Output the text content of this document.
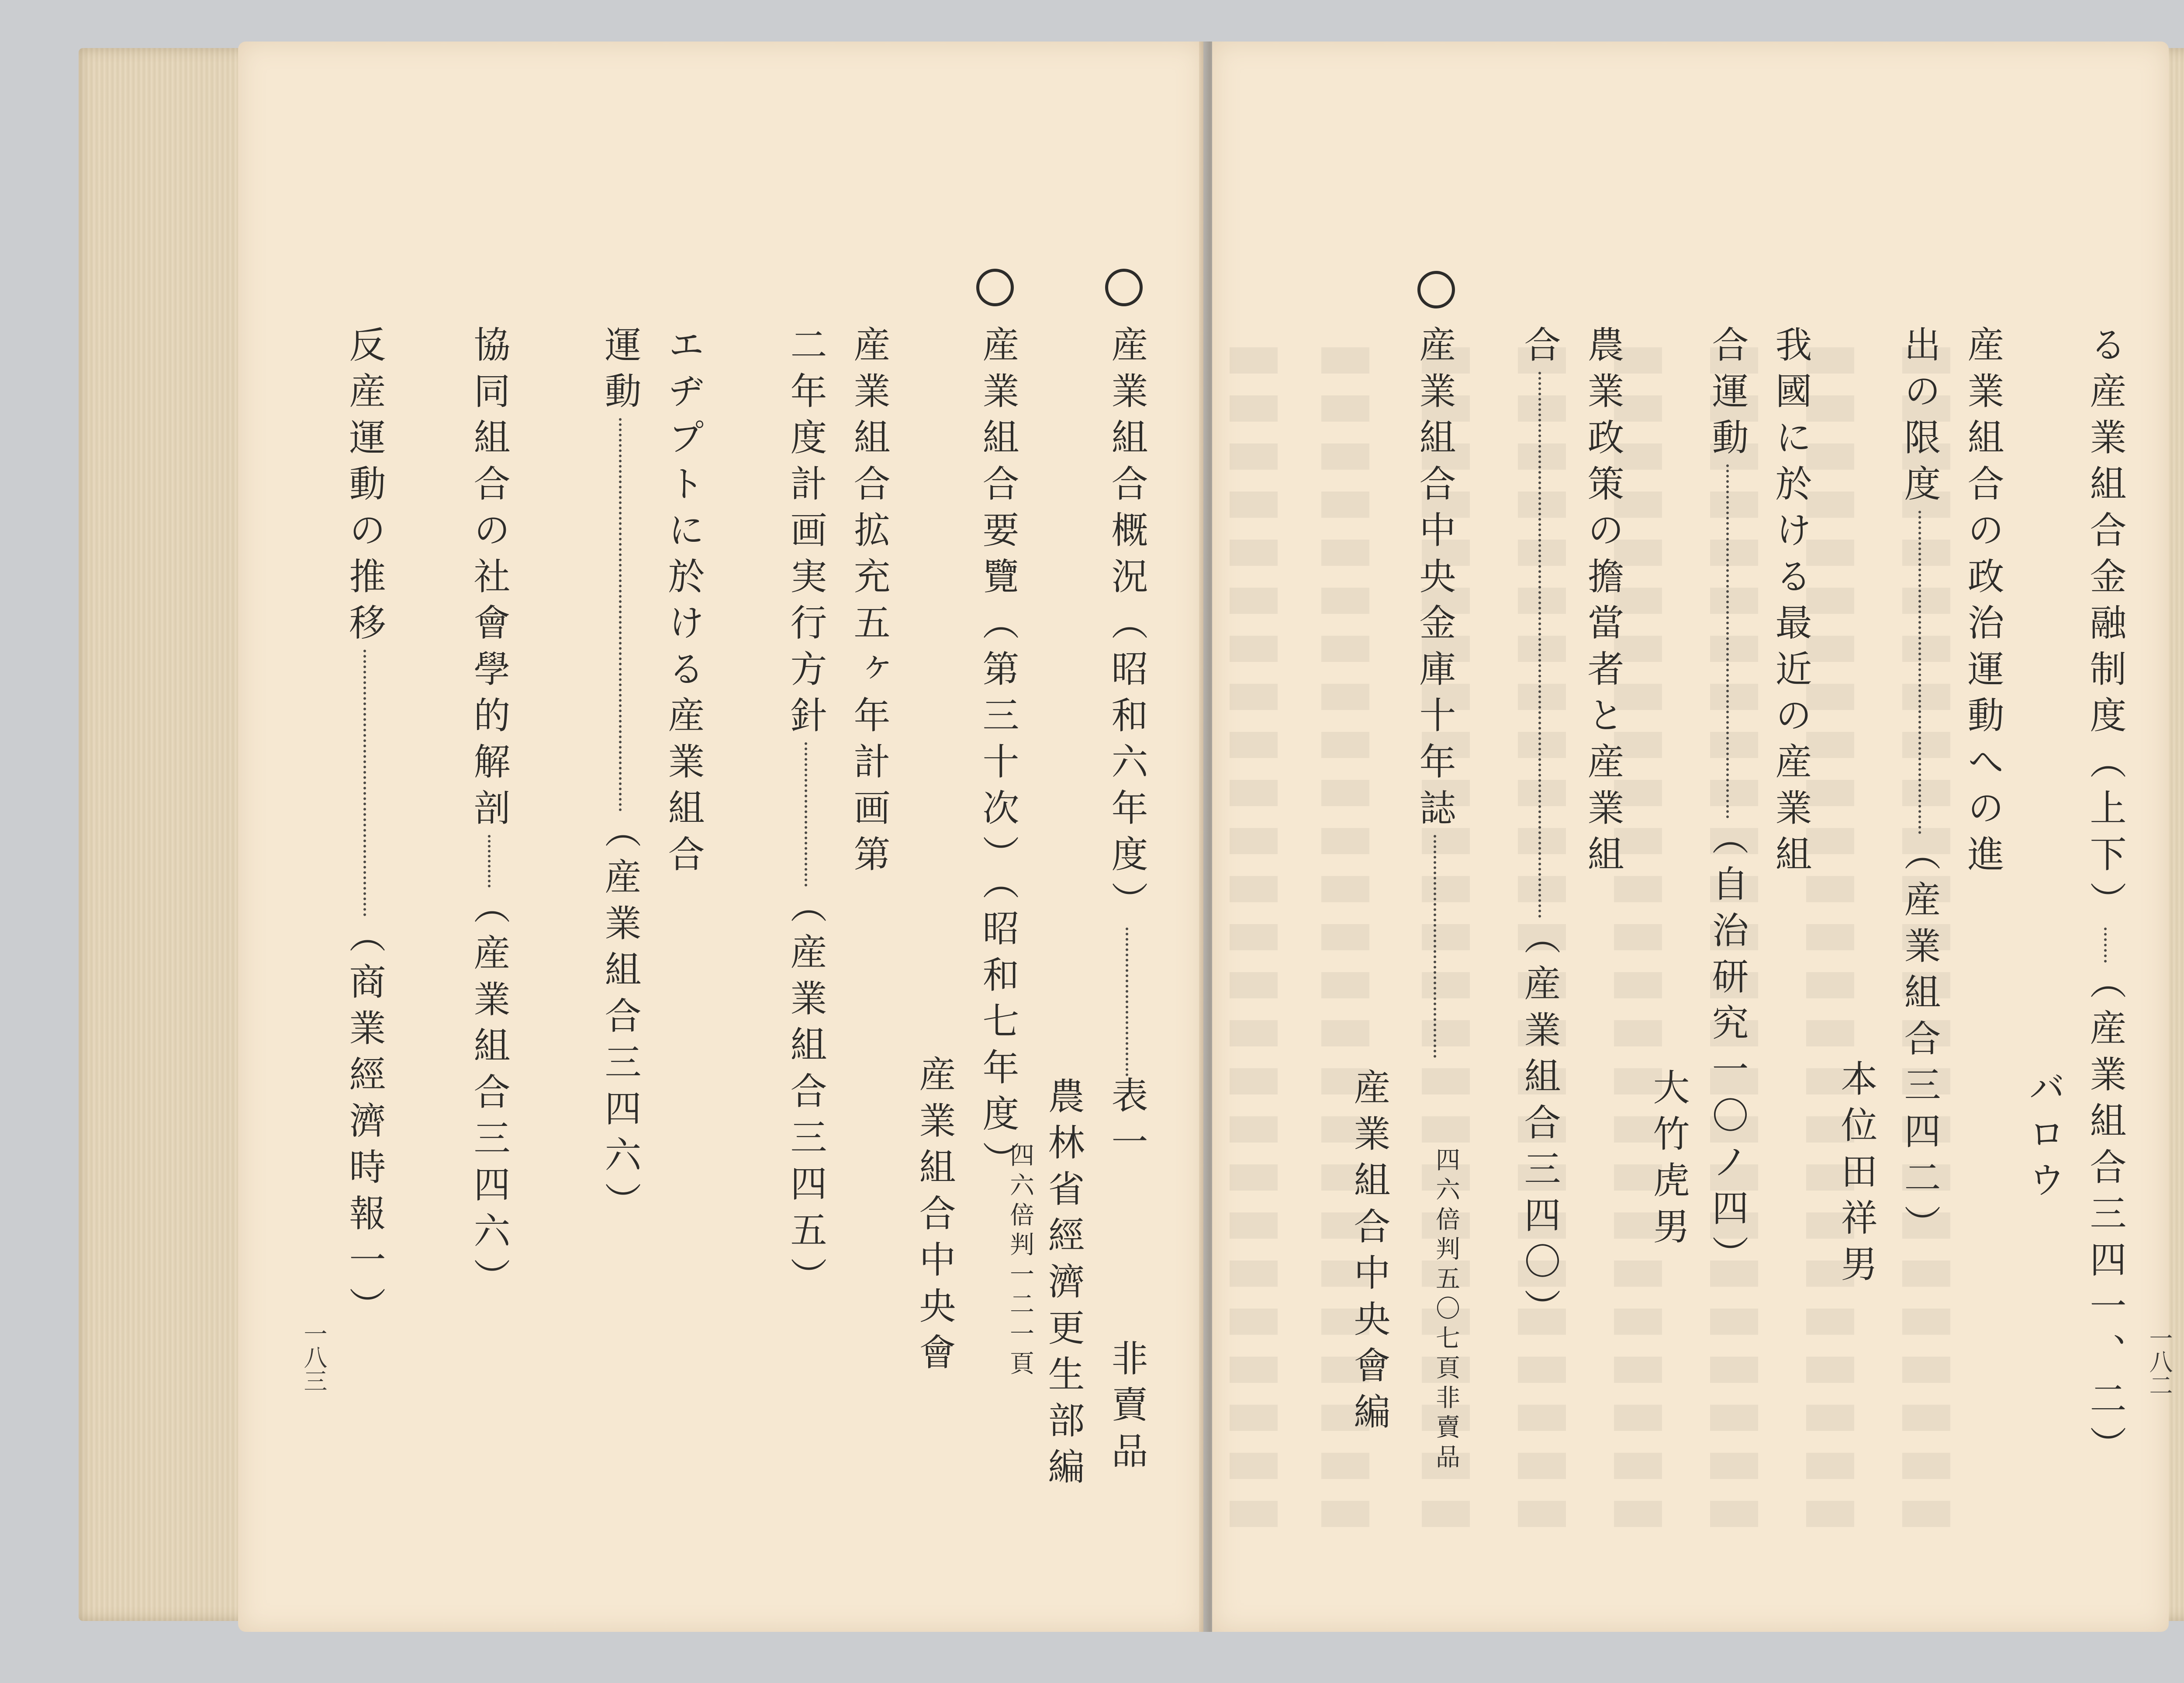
産業組合概況（昭和六年度）表一
非賣品
産業組合要覽（第三十次）（昭和七年度）
農林省經濟更生部編
四六倍判一二一頁
産業組合拡充五ヶ年計画第
産業組合中央會
二年度計画実行方針（産業組合三四五）
エヂプトに於ける産業組合
運動（産業組合三四六）
協同組合の社會學的解剖（産業組合三四六）
反産運動の推移（商業經濟時報一）
一八三
る産業組合金融制度（上下）（産業組合三四一、二）
バロウ
産業組合の政治運動への進
出の限度（産業組合三四二）
本位田祥男
我國に於ける最近の産業組
合運動（自治研究一〇ノ四）
大竹虎男
農業政策の擔當者と産業組
合（産業組合三四〇）
産業組合中央金庫十年誌
四六倍判五〇七頁非賣品
産業組合中央會編	一八二
